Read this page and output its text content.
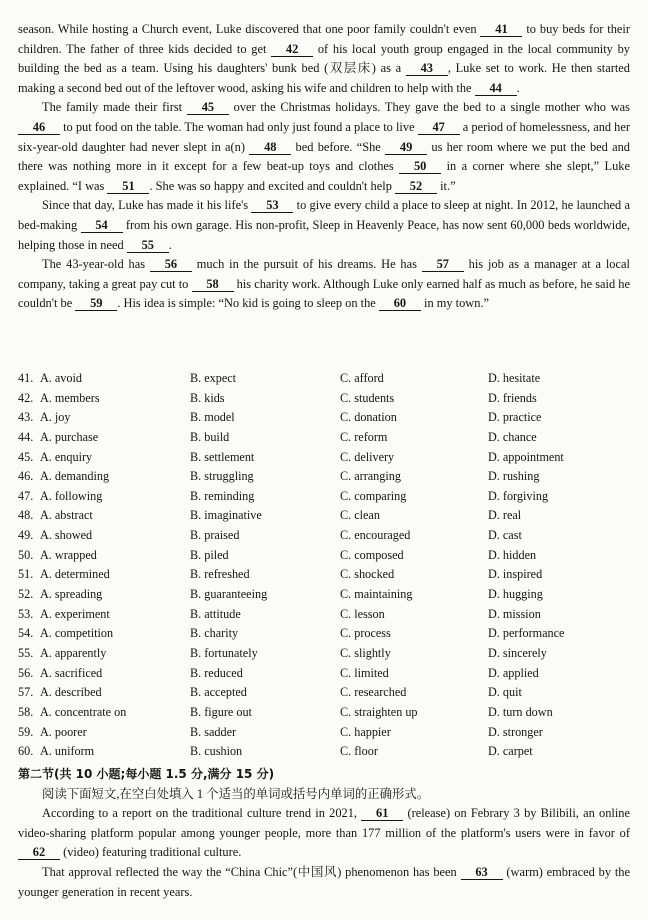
season. While hosting a Church event, Luke discovered that one poor family couldn't even 41 to buy beds for their children. The father of three kids decided to get 42 of his local youth group engaged in the local community by building the bed as a team. Using his daughters' bunk bed (双层床) as a 43 , Luke set to work. He then started making a second bed out of the leftover wood, asking his wife and children to help with the 44 .

The family made their first 45 over the Christmas holidays. They gave the bed to a single mother who was 46 to put food on the table. The woman had only just found a place to live 47 a period of homelessness, and her six-year-old daughter had never slept in a(n) 48 bed before. “She 49 us her room where we put the bed and there was nothing more in it except for a few beat-up toys and clothes 50 in a corner where she slept,” Luke explained. “I was 51 . She was so happy and excited and couldn't help 52 it.”

Since that day, Luke has made it his life's 53 to give every child a place to sleep at night. In 2012, he launched a bed-making 54 from his own garage. His non-profit, Sleep in Heavenly Peace, has now sent 60,000 beds worldwide, helping those in need 55 .

The 43-year-old has 56 much in the pursuit of his dreams. He has 57 his job as a manager at a local company, taking a great pay cut to 58 his charity work. Although Luke only earned half as much as before, he said he couldn't be 59 . His idea is simple: “No kid is going to sleep on the 60 in my town.”

41. A. avoid	B. expect	C. afford	D. hesitate
42. A. members	B. kids	C. students	D. friends
43. A. joy	B. model	C. donation	D. practice
44. A. purchase	B. build	C. reform	D. chance
45. A. enquiry	B. settlement	C. delivery	D. appointment
46. A. demanding	B. struggling	C. arranging	D. rushing
47. A. following	B. reminding	C. comparing	D. forgiving
48. A. abstract	B. imaginative	C. clean	D. real
49. A. showed	B. praised	C. encouraged	D. cast
50. A. wrapped	B. piled	C. composed	D. hidden
51. A. determined	B. refreshed	C. shocked	D. inspired
52. A. spreading	B. guaranteeing	C. maintaining	D. hugging
53. A. experiment	B. attitude	C. lesson	D. mission
54. A. competition	B. charity	C. process	D. performance
55. A. apparently	B. fortunately	C. slightly	D. sincerely
56. A. sacrificed	B. reduced	C. limited	D. applied
57. A. described	B. accepted	C. researched	D. quit
58. A. concentrate on	B. figure out	C. straighten up	D. turn down
59. A. poorer	B. sadder	C. happier	D. stronger
60. A. uniform	B. cushion	C. floor	D. carpet
第二节(共 10 小题;每小题 1.5 分,满分 15 分)

阅读下面短文,在空白处填入 1 个适当的单词或括号内单词的正确形式。

According to a report on the traditional culture trend in 2021, 61 (release) on Febrary 3 by Bilibili, an online video-sharing platform popular among younger people, more than 177 million of the platform's users were in favor of 62 (video) featuring traditional culture.

That approval reflected the way the “China Chic”(中国风) phenomenon has been 63 (warm) embraced by the younger generation in recent years.
